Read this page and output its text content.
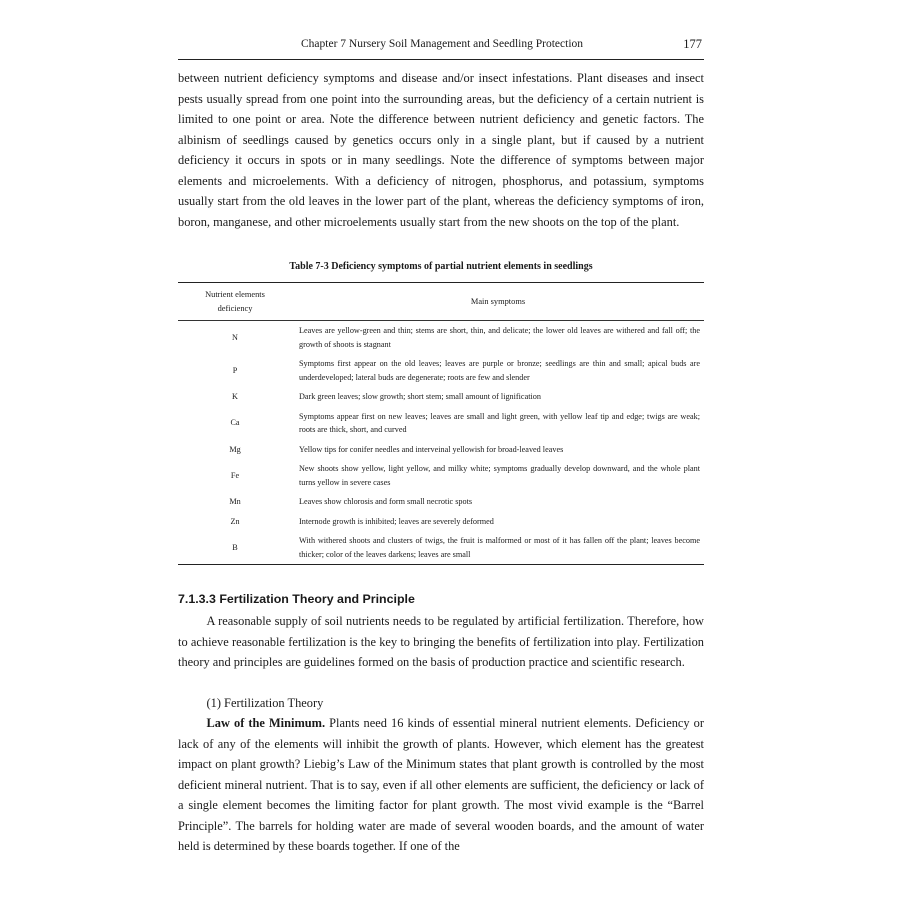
Chapter 7 Nursery Soil Management and Seedling Protection	177

between nutrient deficiency symptoms and disease and/or insect infestations. Plant diseases and insect pests usually spread from one point into the surrounding areas, but the deficiency of a certain nutrient is limited to one point or area. Note the difference between nutrient deficiency and genetic factors. The albinism of seedlings caused by genetics occurs only in a single plant, but if caused by a nutrient deficiency it occurs in spots or in many seedlings. Note the difference of symptoms between major elements and microelements. With a deficiency of nitrogen, phosphorus, and potassium, symptoms usually start from the old leaves in the lower part of the plant, whereas the deficiency symptoms of iron, boron, manganese, and other microelements usually start from the new shoots on the top of the plant.

Table 7-3 Deficiency symptoms of partial nutrient elements in seedlings

Nutrient elements
deficiency	Main symptoms
N	Leaves are yellow-green and thin; stems are short, thin, and delicate; the lower old leaves are withered and fall off; the growth of shoots is stagnant
P	Symptoms first appear on the old leaves; leaves are purple or bronze; seedlings are thin and small; apical buds are underdeveloped; lateral buds are degenerate; roots are few and slender
K	Dark green leaves; slow growth; short stem; small amount of lignification
Ca	Symptoms appear first on new leaves; leaves are small and light green, with yellow leaf tip and edge; twigs are weak; roots are thick, short, and curved
Mg	Yellow tips for conifer needles and interveinal yellowish for broad-leaved leaves
Fe	New shoots show yellow, light yellow, and milky white; symptoms gradually develop downward, and the whole plant turns yellow in severe cases
Mn	Leaves show chlorosis and form small necrotic spots
Zn	Internode growth is inhibited; leaves are severely deformed
B	With withered shoots and clusters of twigs, the fruit is malformed or most of it has fallen off the plant; leaves become thicker; color of the leaves darkens; leaves are small

7.1.3.3 Fertilization Theory and Principle

A reasonable supply of soil nutrients needs to be regulated by artificial fertilization. Therefore, how to achieve reasonable fertilization is the key to bringing the benefits of fertilization into play. Fertilization theory and principles are guidelines formed on the basis of production practice and scientific research.

(1) Fertilization Theory

Law of the Minimum. Plants need 16 kinds of essential mineral nutrient elements. Deficiency or lack of any of the elements will inhibit the growth of plants. However, which element has the greatest impact on plant growth? Liebig’s Law of the Minimum states that plant growth is controlled by the most deficient mineral nutrient. That is to say, even if all other elements are sufficient, the deficiency or lack of a single element becomes the limiting factor for plant growth. The most vivid example is the “Barrel Principle”. The barrels for holding water are made of several wooden boards, and the amount of water held is determined by these boards together. If one of the
